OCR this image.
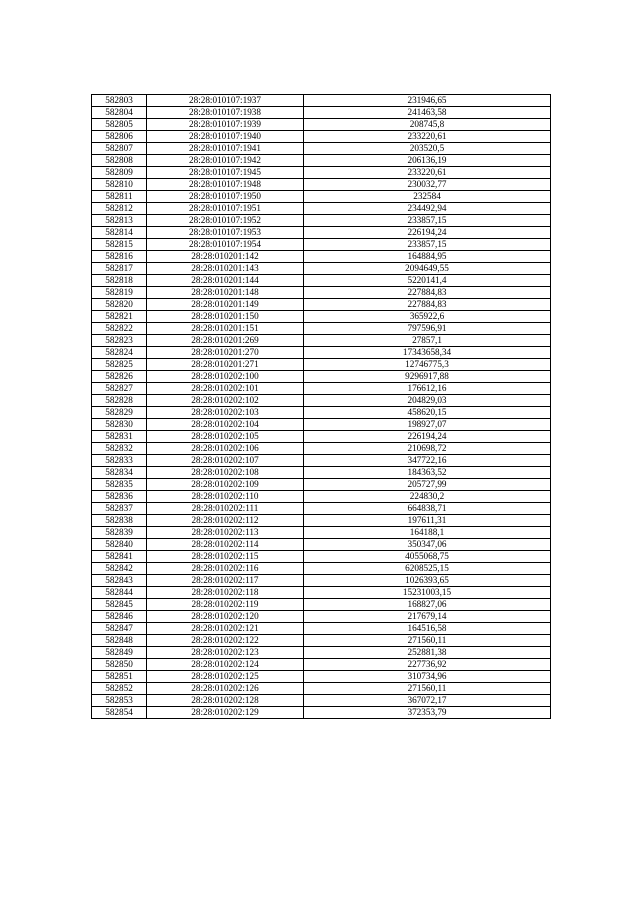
582803	28:28:010107:1937	231946,65
582804	28:28:010107:1938	241463,58
582805	28:28:010107:1939	208745,8
582806	28:28:010107:1940	233220,61
582807	28:28:010107:1941	203520,5
582808	28:28:010107:1942	206136,19
582809	28:28:010107:1945	233220,61
582810	28:28:010107:1948	230032,77
582811	28:28:010107:1950	232584
582812	28:28:010107:1951	234492,94
582813	28:28:010107:1952	233857,15
582814	28:28:010107:1953	226194,24
582815	28:28:010107:1954	233857,15
582816	28:28:010201:142	164884,95
582817	28:28:010201:143	2094649,55
582818	28:28:010201:144	5220141,4
582819	28:28:010201:148	227884,83
582820	28:28:010201:149	227884,83
582821	28:28:010201:150	365922,6
582822	28:28:010201:151	797596,91
582823	28:28:010201:269	27857,1
582824	28:28:010201:270	17343658,34
582825	28:28:010201:271	12746775,3
582826	28:28:010202:100	9296917,88
582827	28:28:010202:101	176612,16
582828	28:28:010202:102	204829,03
582829	28:28:010202:103	458620,15
582830	28:28:010202:104	198927,07
582831	28:28:010202:105	226194,24
582832	28:28:010202:106	210698,72
582833	28:28:010202:107	347722,16
582834	28:28:010202:108	184363,52
582835	28:28:010202:109	205727,99
582836	28:28:010202:110	224830,2
582837	28:28:010202:111	664838,71
582838	28:28:010202:112	197611,31
582839	28:28:010202:113	164188,1
582840	28:28:010202:114	350347,06
582841	28:28:010202:115	4055068,75
582842	28:28:010202:116	6208525,15
582843	28:28:010202:117	1026393,65
582844	28:28:010202:118	15231003,15
582845	28:28:010202:119	168827,06
582846	28:28:010202:120	217679,14
582847	28:28:010202:121	164516,58
582848	28:28:010202:122	271560,11
582849	28:28:010202:123	252881,38
582850	28:28:010202:124	227736,92
582851	28:28:010202:125	310734,96
582852	28:28:010202:126	271560,11
582853	28:28:010202:128	367072,17
582854	28:28:010202:129	372353,79
